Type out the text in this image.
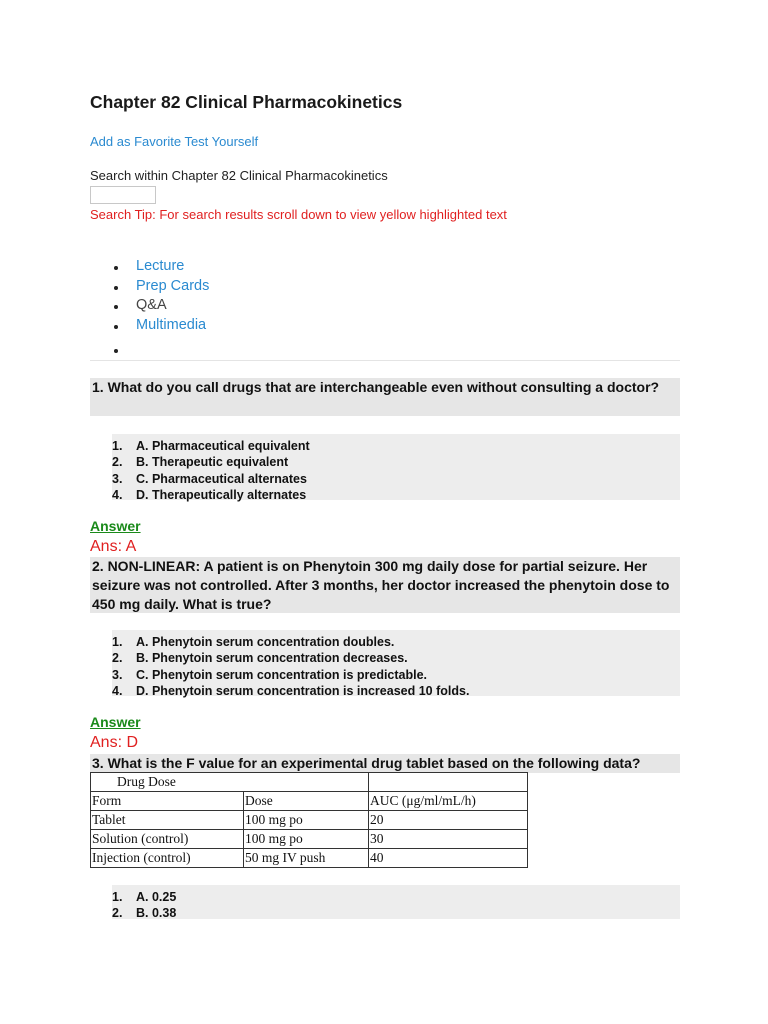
Chapter 82 Clinical Pharmacokinetics
Add as Favorite Test Yourself
Search within Chapter 82 Clinical Pharmacokinetics
Search Tip: For search results scroll down to view yellow highlighted text
Lecture
Prep Cards
Q&A
Multimedia
1. What do you call drugs that are interchangeable even without consulting a doctor?
1. A. Pharmaceutical equivalent
2. B. Therapeutic equivalent
3. C. Pharmaceutical alternates
4. D. Therapeutically alternates
Answer
Ans: A
2. NON-LINEAR: A patient is on Phenytoin 300 mg daily dose for partial seizure. Her seizure was not controlled. After 3 months, her doctor increased the phenytoin dose to 450 mg daily. What is true?
1. A. Phenytoin serum concentration doubles.
2. B. Phenytoin serum concentration decreases.
3. C. Phenytoin serum concentration is predictable.
4. D. Phenytoin serum concentration is increased 10 folds.
Answer
Ans: D
3. What is the F value for an experimental drug tablet based on the following data?
Drug Dose		
Form	Dose	AUC (μg/ml/mL/h)
Tablet	100 mg po	20
Solution (control)	100 mg po	30
Injection (control)	50 mg IV push	40
1. A. 0.25
2. B. 0.38
